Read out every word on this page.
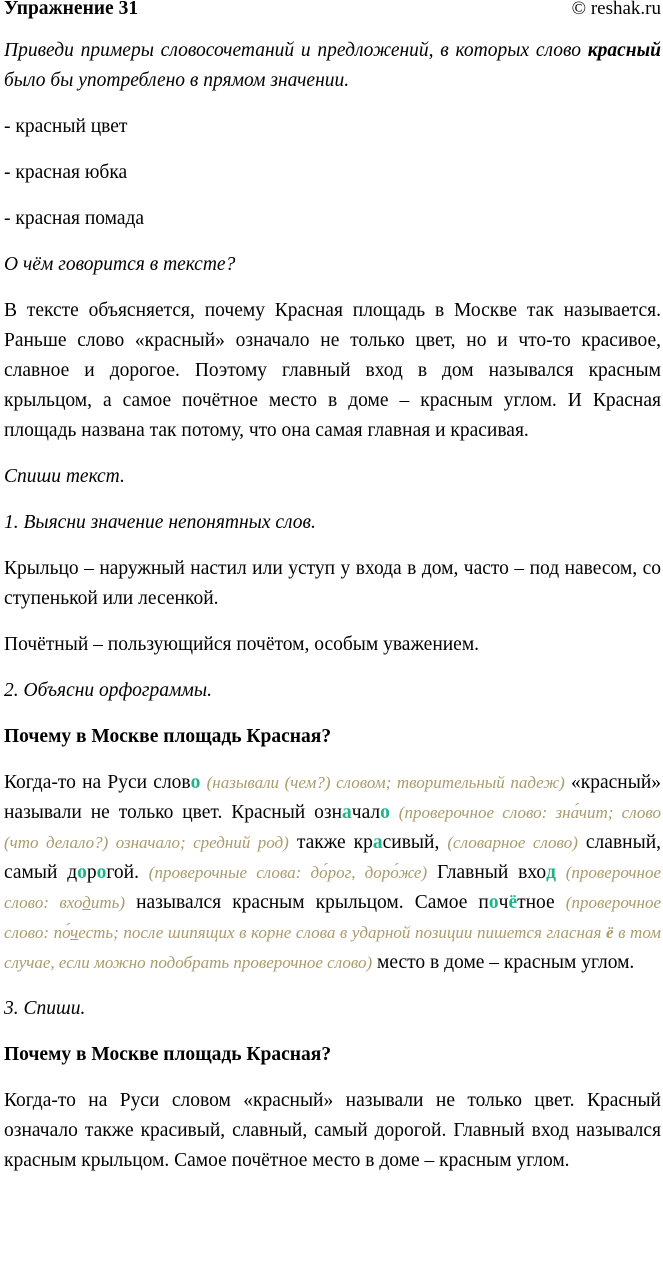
Упражнение 31	© reshak.ru

Приведи примеры словосочетаний и предложений, в которых слово красный было бы употреблено в прямом значении.

- красный цвет

- красная юбка

- красная помада

О чём говорится в тексте?

В тексте объясняется, почему Красная площадь в Москве так называется. Раньше слово «красный» означало не только цвет, но и что-то красивое, славное и дорогое. Поэтому главный вход в дом назывался красным крыльцом, а самое почётное место в доме – красным углом. И Красная площадь названа так потому, что она самая главная и красивая.

Спиши текст.

1. Выясни значение непонятных слов.

Крыльцо – наружный настил или уступ у входа в дом, часто – под навесом, со ступенькой или лесенкой.

Почётный – пользующийся почётом, особым уважением.

2. Объясни орфограммы.

Почему в Москве площадь Красная?

Когда-то на Руси слово (называли (чем?) словом; творительный падеж) «красный» называли не только цвет. Красный означало (проверочное слово: зна́чит; слово (что делало?) означало; средний род) также красивый, (словарное слово) славный, самый дорогой. (проверочные слова: до́рог, доро́же) Главный вход (проверочное слово: входить) назывался красным крыльцом. Самое почётное (проверочное слово: по́честь; после шипящих в корне слова в ударной позиции пишется гласная ё в том случае, если можно подобрать проверочное слово) место в доме – красным углом.

3. Спиши.

Почему в Москве площадь Красная?

Когда-то на Руси словом «красный» называли не только цвет. Красный означало также красивый, славный, самый дорогой. Главный вход назывался красным крыльцом. Самое почётное место в доме – красным углом.
